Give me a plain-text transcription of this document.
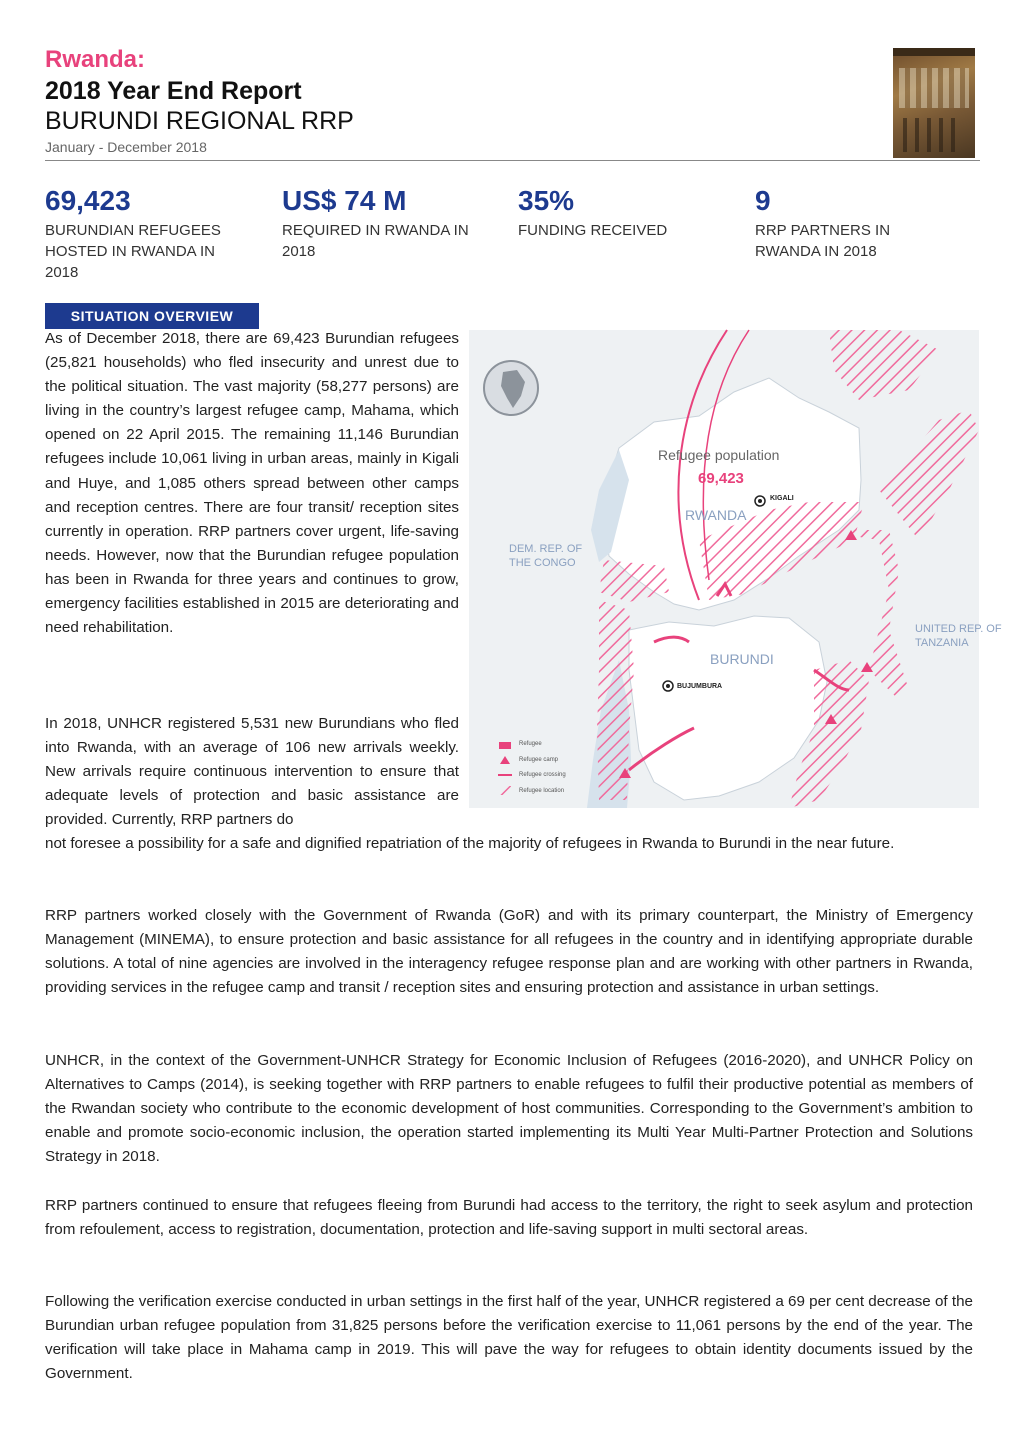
Rwanda:
2018 Year End Report
BURUNDI REGIONAL RRP
January - December 2018
69,423
BURUNDIAN REFUGEES HOSTED IN RWANDA IN 2018
US$ 74 M
REQUIRED IN RWANDA IN 2018
35%
FUNDING RECEIVED
9
RRP PARTNERS IN RWANDA IN 2018
SITUATION OVERVIEW

As of December 2018, there are 69,423 Burundian refugees (25,821 households) who fled insecurity and unrest due to the political situation. The vast majority (58,277 persons) are living in the country’s largest refugee camp, Mahama, which opened on 22 April 2015. The remaining 11,146 Burundian refugees include 10,061 living in urban areas, mainly in Kigali and Huye, and 1,085 others spread between other camps and reception centres. There are four transit/ reception sites currently in operation. RRP partners cover urgent, life-saving needs. However, now that the Burundian refugee population has been in Rwanda for three years and continues to grow, emergency facilities established in 2015 are deteriorating and need rehabilitation.

In 2018, UNHCR registered 5,531 new Burundians who fled into Rwanda, with an average of 106 new arrivals weekly. New arrivals require continuous intervention to ensure that adequate levels of protection and basic assistance are provided. Currently, RRP partners do

not foresee a possibility for a safe and dignified repatriation of the majority of refugees in Rwanda to Burundi in the near future.

RRP partners worked closely with the Government of Rwanda (GoR) and with its primary counterpart, the Ministry of Emergency Management (MINEMA), to ensure protection and basic assistance for all refugees in the country and in identifying appropriate durable solutions. A total of nine agencies are involved in the interagency refugee response plan and are working with other partners in Rwanda, providing services in the refugee camp and transit / reception sites and ensuring protection and assistance in urban settings.

UNHCR, in the context of the Government-UNHCR Strategy for Economic Inclusion of Refugees (2016-2020), and UNHCR Policy on Alternatives to Camps (2014), is seeking together with RRP partners to enable refugees to fulfil their productive potential as members of the Rwandan society who contribute to the economic development of host communities. Corresponding to the Government’s ambition to enable and promote socio-economic inclusion, the operation started implementing its Multi Year Multi-Partner Protection and Solutions Strategy in 2018.

RRP partners continued to ensure that refugees fleeing from Burundi had access to the territory, the right to seek asylum and protection from refoulement, access to registration, documentation, protection and life-saving support in multi sectoral areas.

Following the verification exercise conducted in urban settings in the first half of the year, UNHCR registered a 69 per cent decrease of the Burundian urban refugee population from 31,825 persons before the verification exercise to 11,061 persons by the end of the year. The verification will take place in Mahama camp in 2019. This will pave the way for refugees to obtain identity documents issued by the Government.

Refugee population
69,423
RWANDA
KIGALI
DEM. REP. OF THE CONGO
BURUNDI
BUJUMBURA
UNITED REP. OF TANZANIA
Refugee
Refugee camp
Refugee crossing
Refugee location
